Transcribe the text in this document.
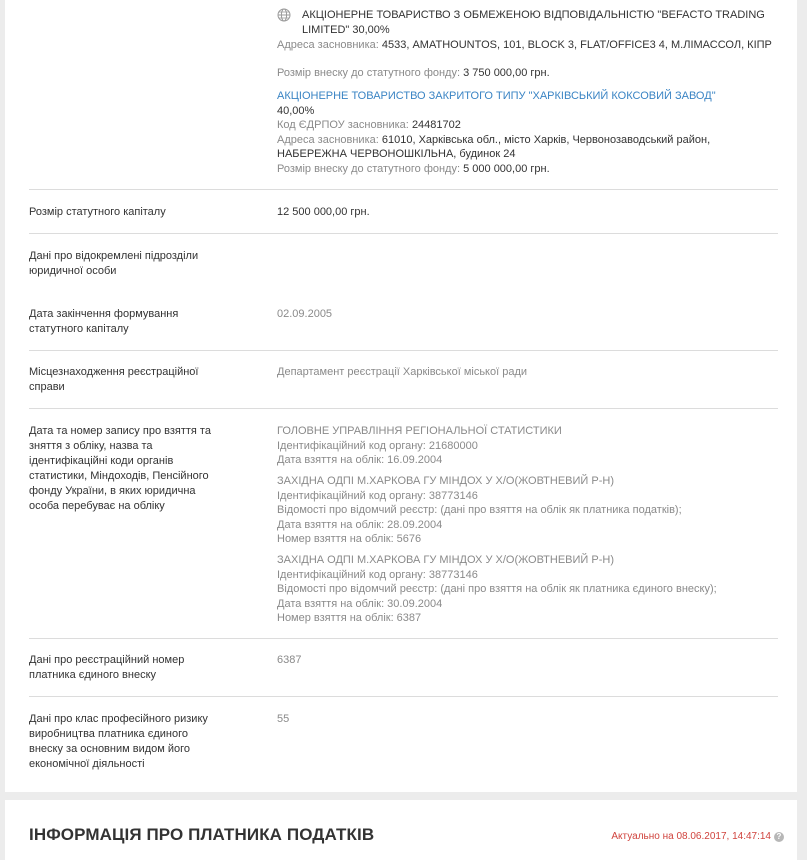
АКЦІОНЕРНЕ ТОВАРИСТВО З ОБМЕЖЕНОЮ ВІДПОВІДАЛЬНІСТЮ "BEFACTO TRADING LIMITED" 30,00%
Адреса засновника: 4533, AMATHOUNTOS, 101, BLOCK 3, FLAT/OFFICE3 4, М.ЛІМАССОЛ, КІПР
Розмір внеску до статутного фонду: 3 750 000,00 грн.
АКЦІОНЕРНЕ ТОВАРИСТВО ЗАКРИТОГО ТИПУ "ХАРКІВСЬКИЙ КОКСОВИЙ ЗАВОД"
40,00%
Код ЄДРПОУ засновника: 24481702
Адреса засновника: 61010, Харківська обл., місто Харків, Червонозаводський район, НАБЕРЕЖНА ЧЕРВОНОШКІЛЬНА, будинок 24
Розмір внеску до статутного фонду: 5 000 000,00 грн.
Розмір статутного капіталу	12 500 000,00 грн.
Дані про відокремлені підрозділи юридичної особи
Дата закінчення формування статутного капіталу
02.09.2005
Місцезнаходження реєстраційної справи
Департамент реєстрації Харківської міської ради
Дата та номер запису про взяття та зняття з обліку, назва та ідентифікаційні коди органів статистики, Міндоходів, Пенсійного фонду України, в яких юридична особа перебуває на обліку
ГОЛОВНЕ УПРАВЛІННЯ РЕГІОНАЛЬНОЇ СТАТИСТИКИ
Ідентифікаційний код органу: 21680000
Дата взяття на облік: 16.09.2004
ЗАХІДНА ОДПІ М.ХАРКОВА ГУ МІНДОХ У Х/О(ЖОВТНЕВИЙ Р-Н)
Ідентифікаційний код органу: 38773146
Відомості про відомчий реєстр: (дані про взяття на облік як платника податків);
Дата взяття на облік: 28.09.2004
Номер взяття на облік: 5676
ЗАХІДНА ОДПІ М.ХАРКОВА ГУ МІНДОХ У Х/О(ЖОВТНЕВИЙ Р-Н)
Ідентифікаційний код органу: 38773146
Відомості про відомчий реєстр: (дані про взяття на облік як платника єдиного внеску);
Дата взяття на облік: 30.09.2004
Номер взяття на облік: 6387
Дані про реєстраційний номер платника єдиного внеску
6387
Дані про клас професійного ризику виробництва платника єдиного внеску за основним видом його економічної діяльності
55
ІНФОРМАЦІЯ ПРО ПЛАТНИКА ПОДАТКІВ	Актуально на 08.06.2017, 14:47:14 ?
